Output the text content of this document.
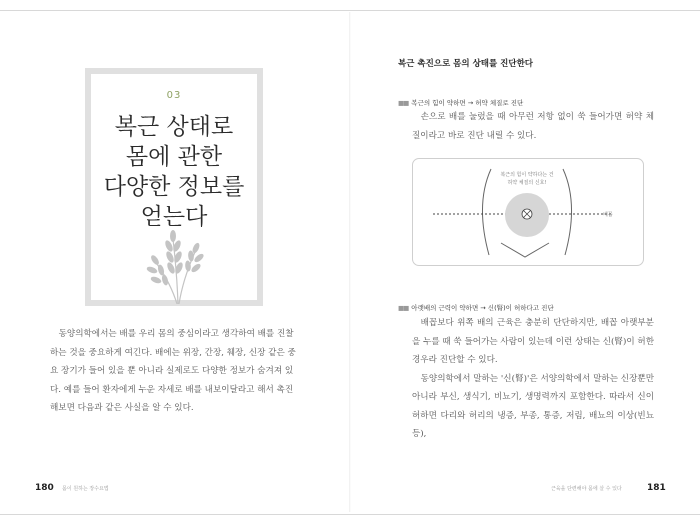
03
복근 상태로
몸에 관한
다양한 정보를
얻는다
동양의학에서는 배를 우리 몸의 중심이라고 생각하여 배를 진찰
하는 것을 중요하게 여긴다. 배에는 위장, 간장, 췌장, 신장 같은 중
요 장기가 들어 있을 뿐 아니라 실제로도 다양한 정보가 숨겨져 있
다. 예를 들어 환자에게 누운 자세로 배를 내보이달라고 해서 촉진
해보면 다음과 같은 사실을 알 수 있다.
180 몸이 원하는 장수요법
복근 촉진으로 몸의 상태를 진단한다
■■ 복근의 힘이 약하면 → 허약 체질로 진단
손으로 배를 눌렀을 때 아무런 저항 없이 쑥 들어가면 허약 체질이라고 바로 진단 내릴 수 있다.
복근의 힘이 약하다는 건
허약 체질의 신호!
배꼽
■■ 아랫배의 근력이 약하면 → 신(腎)이 허하다고 진단
배꼽보다 위쪽 배의 근육은 충분히 단단하지만, 배꼽 아랫부분을 누를 때 쑥 들어가는 사람이 있는데 이런 상태는 신(腎)이 허한 경우라 진단할 수 있다.
동양의학에서 말하는 '신(腎)'은 서양의학에서 말하는 신장뿐만 아니라 부신, 생식기, 비뇨기, 생명력까지 포함한다. 따라서 신이 허하면 다리와 허리의 냉증, 부종, 통증, 저림, 배뇨의 이상(빈뇨 등),
근육을 단련해야 몸에 살 수 있다	181
